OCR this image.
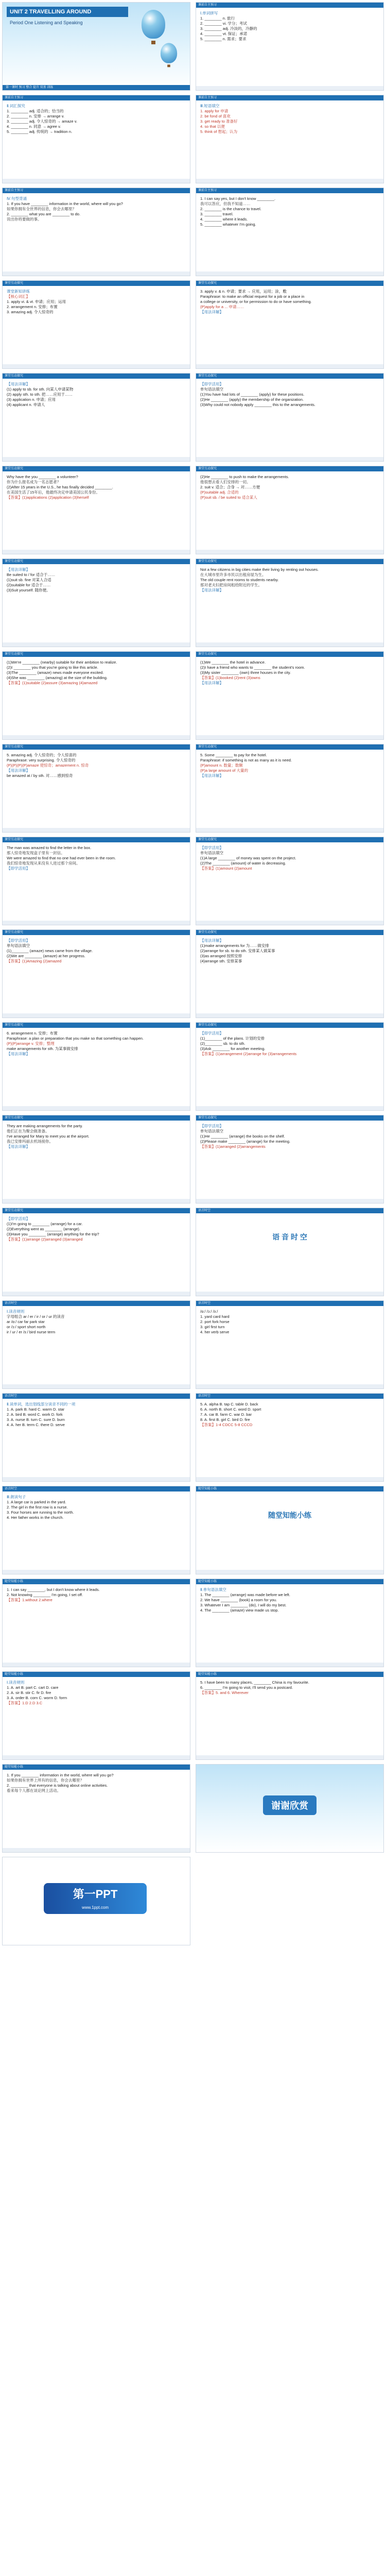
UNIT 2 TRAVELLING AROUND
Period One Listening and Speaking
第一课时 预习 整合 提升 双基 训练
课前自主预习
Ⅰ.单词拼写
1. ________ n. 旅行
2. ________ vi. 学分；考试
3. ________ adj. 冷淡的，冷静的
4. ________ vt. 保证；承诺
5. ________ n. 需求；要求
课前自主预习
Ⅱ.词汇探究
1. ________ adj. 适合的；恰当的
2. ________ n. 安排 → arrange v.
3. ________ adj. 令人惊奇的 → amaze v.
4. ________ n. 同意 → agree v.
5. ________ adj. 传统的 → tradition n.
课前自主预习
Ⅲ.短语填空
1. apply for 申请
2. be fond of 喜欢
3. get ready to 准备好
4. so that 以便
5. think of 想起；认为
课前自主预习
Ⅳ.句型背诵
1. If you have ________ information in the world, where will you go?
如果你拥有全世界的信息，你会去哪里？
2. ________ what you are ________ to do.
说出你将要做的事。
课前自主预习
1. I can say yes, but I don't know ________.
我可以答应，但我不知道……
2. ________ is the chance to travel.
3. ________ travel.
4. ________ where it leads.
5. ________ whatever I'm going.
课堂互动探究
课堂新知讲练
【核心词汇】
1. apply vi. & vt. 申请；应用；运用
2. arrangement n. 安排；布置
3. amazing adj. 令人惊奇的
课堂互动探究
3. apply v. & n. 申请；要求 → 应用，运用；涂，敷
Paraphrase: to make an official request for a job or a place in
a college or university, or for permission to do or have something.
(P)apply for a ... 申请……
【用法详解】
课堂互动探究
【用法详解】
(1) apply to sb. for sth. 向某人申请某物
(2) apply sth. to sth. 把……应用于……
(3) application n. 申请；应用
(4) applicant n. 申请人
课堂互动探究
【即学活用】
单句语法填空
(1)You have had lots of ________ (apply) for these positions.
(2)He ________ (apply) the membership of the organization.
(3)Why could not nobody apply ________ this to the arrangements.
课堂互动探究
Why have the you ________ a volunteer?
你为什么报名成为一名志愿者？
(2)After 15 years in the U.S., he has finally decided ________.
在美国生活了15年后，他最终决定申请美国公民身份。
【答案】(1)applications (2)application (3)herself
课堂互动探究
(2)He ________ to push to make the arrangements.
他很想去看人们安排的一切。
2. suit v. 适合；合身 → 对……方便
(P)suitable adj. 合适的
(P)suit sb. / be suited to 适合某人
课堂互动探究
【用法详解】
Be suited to / for 适合于……
(1)suit sb. fine 对某人合适
(2)suitable for 适合于……
(3)Suit yourself. 随你便。
课堂互动探究
Not a few citizens in big cities make their living by renting out houses.
在大城市里许多市民以出租房屋为生。
The old couple rent rooms to students nearby.
那对老夫妇把房间租给附近的学生。
【用法详解】
课堂互动探究
(1)We're ________ (nearby) suitable for their ambition to realize.
(2)I ________ you that you're going to like this article.
(3)The ________ (amaze) news made everyone excited.
(4)She was ________ (amazing) at the size of the building.
【答案】(1)suitable (2)assure (3)amazing (4)amazed
课堂互动探究
(1)We ________ the hotel in advance.
(2)I have a friend who wants to ________ the student's room.
(3)My sister ________ (own) three houses in the city.
【答案】(1)booked (2)rent (3)owns
【用法详解】
课堂互动探究
5. amazing adj. 令人惊奇的；令人惊喜的
Paraphrase: very surprising. 令人惊奇的
(P)(P)(P)(P)amaze 使惊奇；amazement n. 惊奇
【用法详解】
be amazed at / by sth. 对……感到惊奇
课堂互动探究
5. Some ________ to pay for the hotel.
Paraphrase: if something is not as many as it is need.
(P)amount n. 数量；数额
(P)a large amount of 大量的
【用法详解】
课堂互动探究
The man was amazed to find the letter in the box.
那人惊奇地发现盒子里有一封信。
We were amazed to find that no one had ever been in the room.
我们惊奇地发现从来没有人进过那个房间。
【即学活用】
课堂互动探究
【即学活用】
单句语法填空
(1)A large ________ of money was spent on the project.
(2)The ________ (amount) of water is decreasing.
【答案】(1)amount (2)amount
课堂互动探究
【即学活用】
单句语法填空
(1)________ (amaze) news came from the village.
(2)We are ________ (amaze) at her progress.
【答案】(1)Amazing (2)amazed
课堂互动探究
【用法详解】
(1)make arrangements for 为……做安排
(2)arrange for sb. to do sth. 安排某人做某事
(3)as arranged 按照安排
(4)arrange sth. 安排某事
课堂互动探究
6. arrangement n. 安排；布置
Paraphrase: a plan or preparation that you make so that something can happen.
(P)(P)arrange v. 安排；整理
make arrangements for sth. 为某事做安排
【用法详解】
课堂互动探究
【即学活用】
(1)________ of the plans. 计划的安排
(2)________ sb. to do sth.
(3)Ask ________ for another meeting.
【答案】(1)arrangement (2)arrange for (3)arrangements
课堂互动探究
They are making arrangements for the party.
他们正在为聚会做准备。
I've arranged for Mary to meet you at the airport.
我已安排玛丽去机场接你。
【用法详解】
课堂互动探究
【即学活用】
单句语法填空
(1)He ________ (arrange) the books on the shelf.
(2)Please make ________ (arrange) for the meeting.
【答案】(1)arranged (2)arrangements
课堂互动探究
【即学活用】
(1)I'm going to ________ (arrange) for a car.
(2)Everything went as ________ (arrange).
(3)Have you ________ (arrange) anything for the trip?
【答案】(1)arrange (2)arranged (3)arranged
语音时空
语 音 时 空
语音时空
Ⅰ.读音规则
字母组合 ar / er / ir / or / ur 的读音
ar /ɑː/ car far park star
or /ɔː/ sport short north
ir / ur / er /ɜː/ bird nurse term
语音时空
/ɑː/ /ɔː/ /ɜː/
1. yard card hard
2. port fork horse
3. girl first turn
4. her verb serve
语音时空
Ⅱ.读单词，选出划线部分读音不同的一项
1. A. park B. hard C. warm D. star
2. A. bird B. word C. work D. fork
3. A. nurse B. turn C. sure D. burn
4. A. her B. term C. there D. serve
语音时空
5. A. alpha B. tap C. table D. back
6. A. north B. short C. word D. sport
7. A. car B. farm C. war D. bar
8. A. first B. girl C. bird D. fire
【答案】1-4 CDCC 5-8 CCCD
语音时空
Ⅲ.朗读句子
1. A large car is parked in the yard.
2. The girl in the first row is a nurse.
3. Four horses are running to the north.
4. Her father works in the church.
随堂知能小练
随堂知能小练
随堂知能小练
1. I can say ________, but I don't know where it leads.
2. Not knowing ________ I'm going, I set off.
【答案】1.without 2.where
随堂知能小练
Ⅱ.单句语法填空
1. The ________ (arrange) was made before we left.
2. We have ________ (book) a room for you.
3. Whatever I am ________ (do), I will do my best.
4. The ________ (amaze) view made us stop.
随堂知能小练
Ⅰ.读音规则
1. A. art B. part C. cart D. care
2. A. sir B. stir C. fir D. fire
3. A. order B. corn C. worm D. form
【答案】1.D 2.D 3.C
随堂知能小练
5. I have been to many places, ________ China is my favourite.
6. ________ I'm going to visit, I'll send you a postcard.
【答案】5. and 6. Wherever
随堂知能小练
1. If you ________ information in the world, where will you go?
如果你拥有世界上所有的信息，你会去哪里？
2. ________ that everyone is talking about online activities.
看来每个人都在谈论网上活动。
谢谢欣赏
第一PPT
www.1ppt.com
